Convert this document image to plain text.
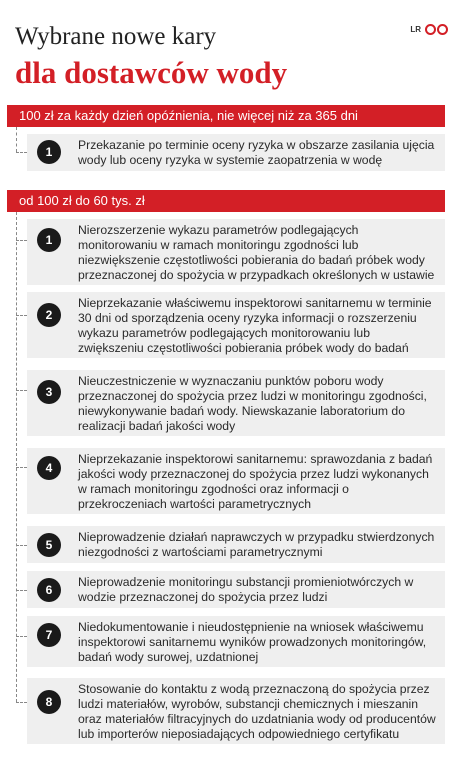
Wybrane nowe kary
dla dostawców wody
LR
100 zł za każdy dzień opóźnienia, nie więcej niż za 365 dni
1	Przekazanie po terminie oceny ryzyka w obszarze zasilania ujęcia wody lub oceny ryzyka w systemie zaopatrzenia w wodę
od 100 zł do 60 tys. zł
1
Nierozszerzenie wykazu parametrów podlegających monitorowaniu w ramach monitoringu zgodności lub niezwiększenie częstotliwości pobierania do badań próbek wody przeznaczonej do spożycia w przypadkach określonych w ustawie
2
Nieprzekazanie właściwemu inspektorowi sanitarnemu w terminie 30 dni od sporządzenia oceny ryzyka informacji o rozszerzeniu wykazu parametrów podlegających monitorowaniu lub zwiększeniu częstotliwości pobierania próbek wody do badań
3
Nieuczestniczenie w wyznaczaniu punktów poboru wody przeznaczonej do spożycia przez ludzi w monitoringu zgodności, niewykonywanie badań wody. Niewskazanie laboratorium do realizacji badań jakości wody
4
Nieprzekazanie inspektorowi sanitarnemu: sprawozdania z badań jakości wody przeznaczonej do spożycia przez ludzi wykonanych w ramach monitoringu zgodności oraz informacji o przekroczeniach wartości parametrycznych
5
Nieprowadzenie działań naprawczych w przypadku stwierdzonych niezgodności z wartościami parametrycznymi
6
Nieprowadzenie monitoringu substancji promieniotwórczych w wodzie przeznaczonej do spożycia przez ludzi
7
Niedokumentowanie i nieudostępnienie na wniosek właściwemu inspektorowi sanitarnemu wyników prowadzonych monitoringów, badań wody surowej, uzdatnionej
8
Stosowanie do kontaktu z wodą przeznaczoną do spożycia przez ludzi materiałów, wyrobów, substancji chemicznych i mieszanin oraz materiałów filtracyjnych do uzdatniania wody od producentów lub importerów nieposiadających odpowiedniego certyfikatu
